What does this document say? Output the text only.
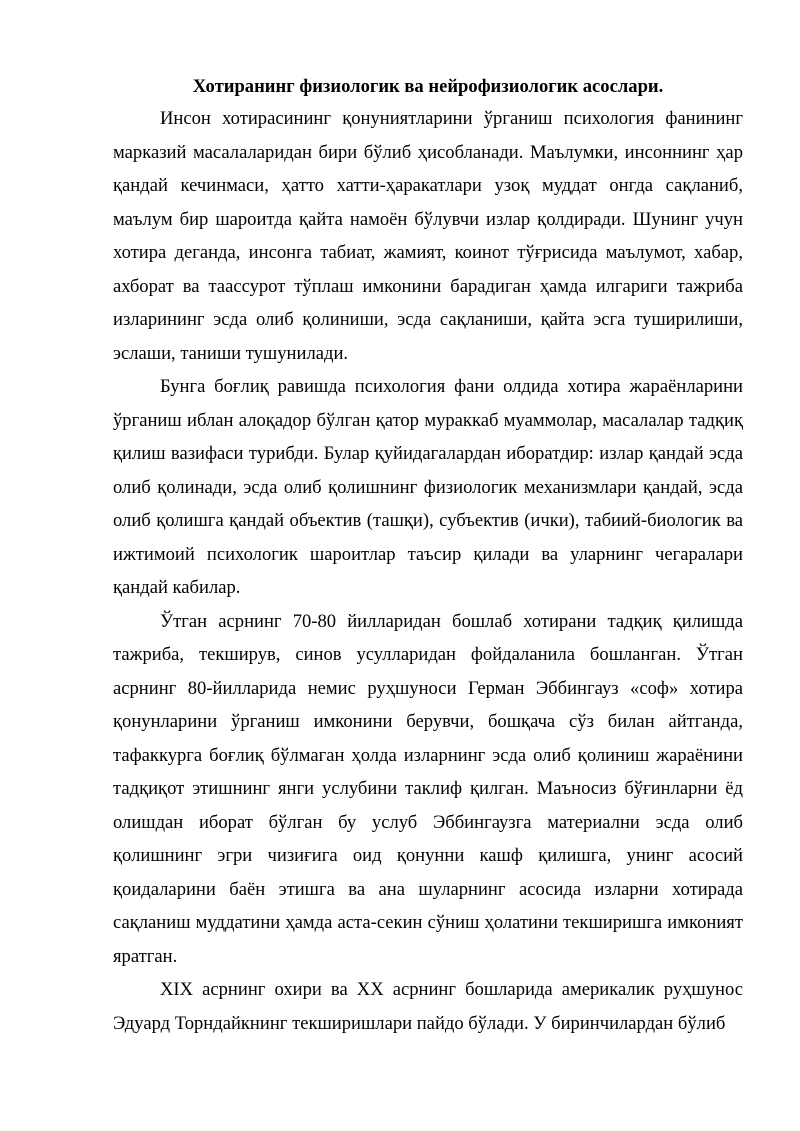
Хотиранинг физиологик ва нейрофизиологик асослари.

Инсон хотирасининг қонуниятларини ўрганиш психология фанининг марказий масалаларидан бири бўлиб ҳисобланади. Маълумки, инсоннинг ҳар қандай кечинмаси, ҳатто хатти-ҳаракатлари узоқ муддат онгда сақланиб, маълум бир шароитда қайта намоён бўлувчи излар қолдиради. Шунинг учун хотира деганда, инсонга табиат, жамият, коинот тўғрисида маълумот, хабар, ахборат ва таассурот тўплаш имконини барадиган ҳамда илгариги тажриба изларининг эсда олиб қолиниши, эсда сақланиши, қайта эсга туширилиши, эслаши, таниши тушунилади.

Бунга боғлиқ равишда психология фани олдида хотира жараёнларини ўрганиш иблан алоқадор бўлган қатор мураккаб муаммолар, масалалар тадқиқ қилиш вазифаси турибди. Булар қуйидагалардан иборатдир: излар қандай эсда олиб қолинади, эсда олиб қолишнинг физиологик механизмлари қандай, эсда олиб қолишга қандай объектив (ташқи), субъектив (ички), табиий-биологик ва ижтимоий психологик шароитлар таъсир қилади ва уларнинг чегаралари қандай кабилар.

Ўтган асрнинг 70-80 йилларидан бошлаб хотирани тадқиқ қилишда тажриба, текширув, синов усулларидан фойдаланила бошланган. Ўтган асрнинг 80-йилларида немис руҳшуноси Герман Эббингауз «соф» хотира қонунларини ўрганиш имконини берувчи, бошқача сўз билан айтганда, тафаккурга боғлиқ бўлмаган ҳолда изларнинг эсда олиб қолиниш жараёнини тадқиқот этишнинг янги услубини таклиф қилган. Маъносиз бўғинларни ёд олишдан иборат бўлган бу услуб Эббингаузга материални эсда олиб қолишнинг эгри чизиғига оид қонунни кашф қилишга, унинг асосий қоидаларини баён этишга ва ана шуларнинг асосида изларни хотирада сақланиш муддатини ҳамда аста-секин сўниш ҳолатини текширишга имконият яратган.

XIX асрнинг охири ва XX асрнинг бошларида америкалик руҳшунос Эдуард Торндайкнинг текширишлари пайдо бўлади. У биринчилардан бўлиб
